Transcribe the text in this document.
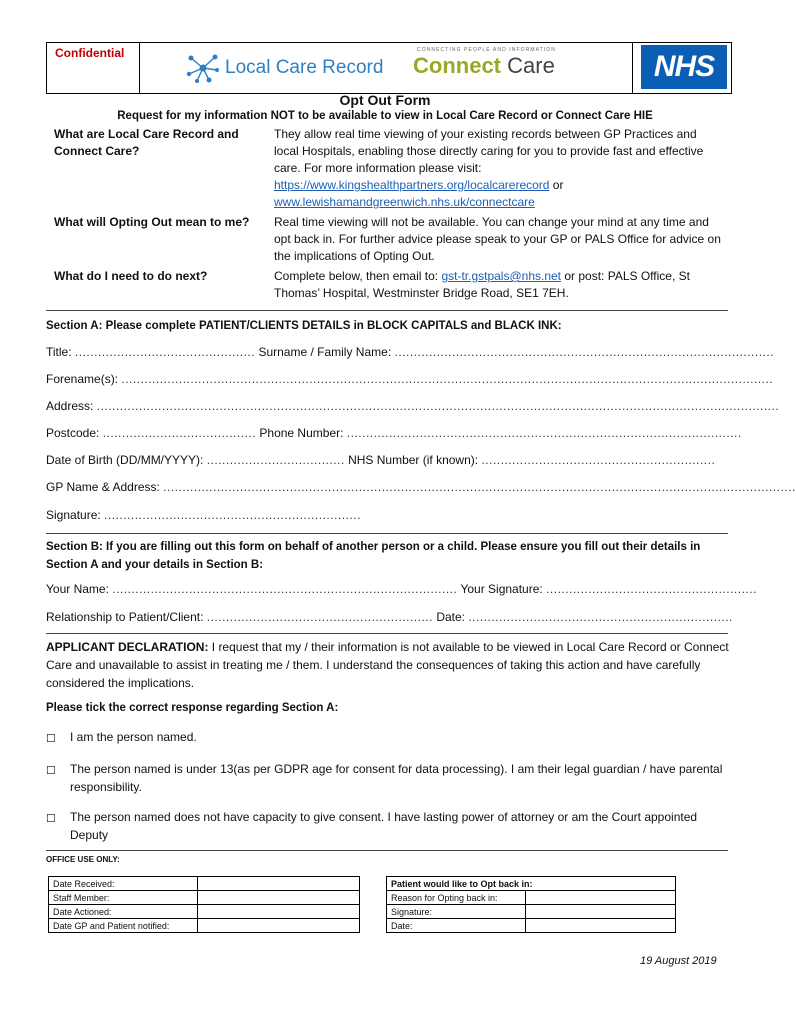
Confidential
Local Care Record
CONNECTING PEOPLE AND INFORMATION
Connect Care	NHS
Opt Out Form
Request for my information NOT to be available to view in Local Care Record or Connect Care HIE
What are Local Care Record and Connect Care?
They allow real time viewing of your existing records between GP Practices and local Hospitals, enabling those directly caring for you to provide fast and effective care. For more information please visit:
https://www.kingshealthpartners.org/localcarerecord or
www.lewishamandgreenwich.nhs.uk/connectcare
What will Opting Out mean to me?	Real time viewing will not be available. You can change your mind at any time and opt back in. For further advice please speak to your GP or PALS Office for advice on the implications of Opting Out.
What do I need to do next?	Complete below, then email to: gst-tr.gstpals@nhs.net or post: PALS Office, St Thomas’ Hospital, Westminster Bridge Road, SE1 7EH.
Section A: Please complete PATIENT/CLIENTS DETAILS in BLOCK CAPITALS and BLACK INK:
Title: ............................................... Surname / Family Name: ...................................................................................................
Forename(s): ..........................................................................................................................................................................
Address: ..................................................................................................................................................................................
Postcode: ........................................ Phone Number: .......................................................................................................
Date of Birth (DD/MM/YYYY): .................................... NHS Number (if known): .............................................................
GP Name & Address: .....................................................................................................................................................................
Signature: ...................................................................
Section B: If you are filling out this form on behalf of another person or a child. Please ensure you fill out their details in Section A and your details in Section B:
Your Name: .......................................................................................... Your Signature: .......................................................
Relationship to Patient/Client: ........................................................... Date: .....................................................................
APPLICANT DECLARATION: I request that my / their information is not available to be viewed in Local Care Record or Connect Care and unavailable to assist in treating me / them. I understand the consequences of taking this action and have carefully considered the implications.
Please tick the correct response regarding Section A:
☐ I am the person named.
☐ The person named is under 13(as per GDPR age for consent for data processing). I am their legal guardian / have parental responsibility.
☐ The person named does not have capacity to give consent. I have lasting power of attorney or am the Court appointed Deputy
OFFICE USE ONLY:
Date Received:	
Staff Member:	
Date Actioned:	
Date GP and Patient notified:	
Patient would like to Opt back in:	
Reason for Opting back in:	
Signature:	
Date:	
19 August 2019
